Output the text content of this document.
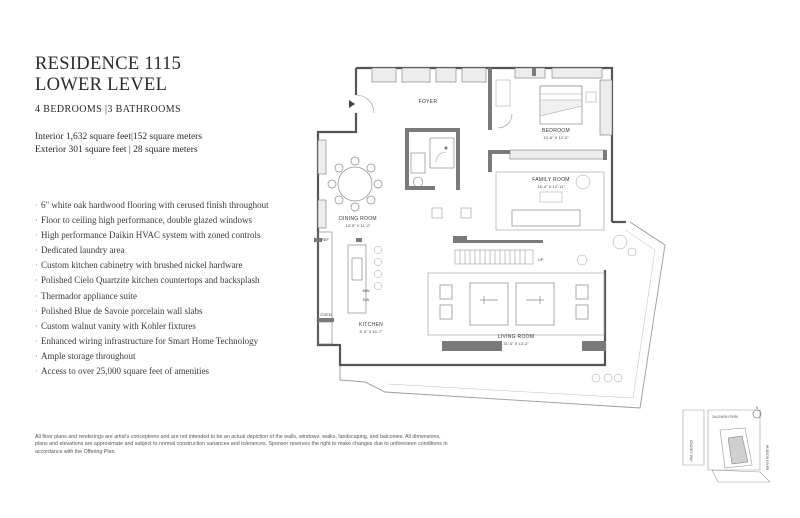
RESIDENCE 1115
LOWER LEVEL
4 BEDROOMS |3 BATHROOMS
Interior 1,632 square feet|152 square meters
Exterior 301 square feet | 28 square meters
· 6" white oak hardwood flooring with cerused finish throughout
· Floor to ceiling high performance, double glazed windows
· High performance Daikin HVAC system with zoned controls
· Dedicated laundry area
· Custom kitchen cabinetry with brushed nickel hardware
· Polished Cielo Quartzite kitchen countertops and backsplash
· Thermador appliance suite
· Polished Blue de Savoie porcelain wall slabs
· Custom walnut vanity with Kohler fixtures
· Enhanced wiring infrastructure for Smart Home Technology
· Ample storage throughout
· Access to over 25,000 square feet of amenities
All floor plans and renderings are artist's conceptions and are not intended to be an actual depiction of the walls, windows, walks, landscaping, and balconies. All dimensions, plans and elevations are approximate and subject to normal construction variances and tolerances. Sponsor reserves the right to make changes due to unforeseen conditions in accordance with the Offering Plan.
BEDROOM
13'-6" X 12'-0"
FOYER
FAMILY ROOM
16'-4" X 12'-11"
DINING ROOM
13'-5" X 11'-2"
UP
REF
OVEN
MW
DW
KITCHEN
9'-3" X 14'-7"
LIVING ROOM
31'-4" X 13'-2"
N
ZALEWSKI PARK
CROSBY WAY	HUDSON RIVER
